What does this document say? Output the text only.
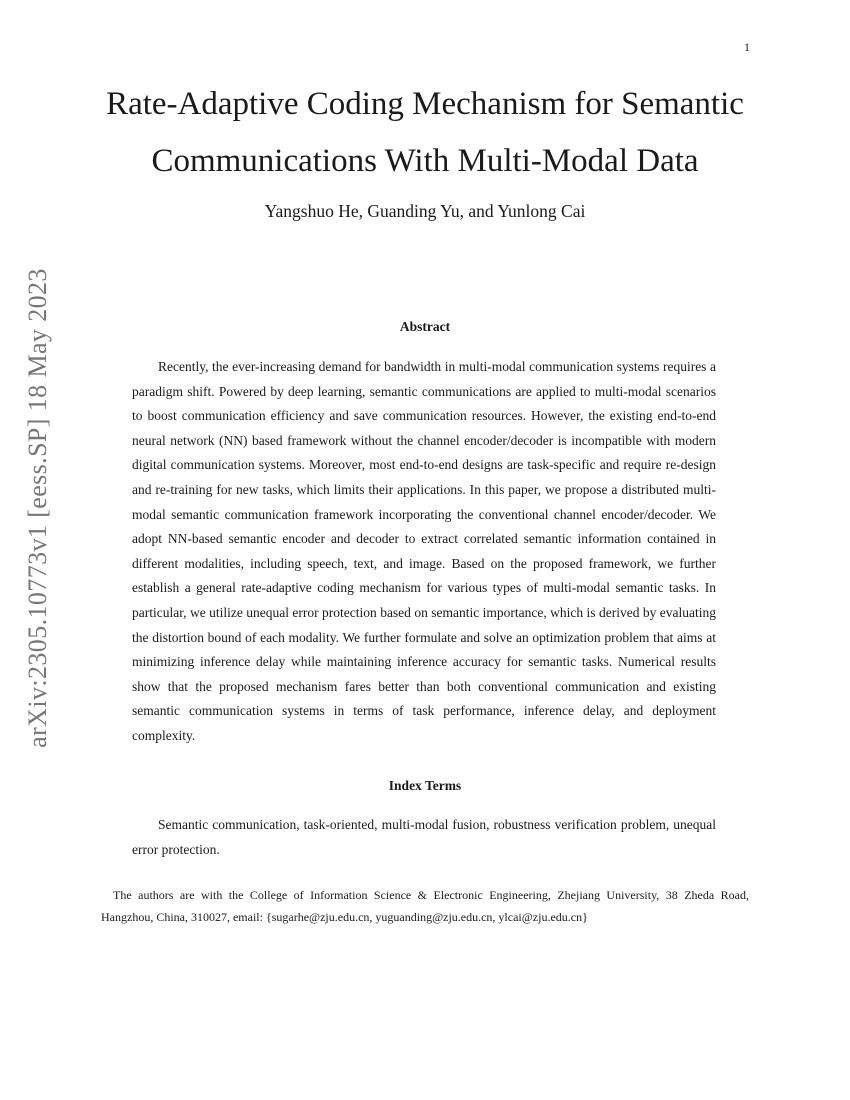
1
arXiv:2305.10773v1 [eess.SP] 18 May 2023
Rate-Adaptive Coding Mechanism for Semantic Communications With Multi-Modal Data
Yangshuo He, Guanding Yu, and Yunlong Cai
Abstract

Recently, the ever-increasing demand for bandwidth in multi-modal communication systems requires a paradigm shift. Powered by deep learning, semantic communications are applied to multi-modal scenarios to boost communication efficiency and save communication resources. However, the existing end-to-end neural network (NN) based framework without the channel encoder/decoder is incompatible with modern digital communication systems. Moreover, most end-to-end designs are task-specific and require re-design and re-training for new tasks, which limits their applications. In this paper, we propose a distributed multi-modal semantic communication framework incorporating the conventional channel encoder/decoder. We adopt NN-based semantic encoder and decoder to extract correlated semantic information contained in different modalities, including speech, text, and image. Based on the proposed framework, we further establish a general rate-adaptive coding mechanism for various types of multi-modal semantic tasks. In particular, we utilize unequal error protection based on semantic importance, which is derived by evaluating the distortion bound of each modality. We further formulate and solve an optimization problem that aims at minimizing inference delay while maintaining inference accuracy for semantic tasks. Numerical results show that the proposed mechanism fares better than both conventional communication and existing semantic communication systems in terms of task performance, inference delay, and deployment complexity.

Index Terms

Semantic communication, task-oriented, multi-modal fusion, robustness verification problem, unequal error protection.

The authors are with the College of Information Science & Electronic Engineering, Zhejiang University, 38 Zheda Road, Hangzhou, China, 310027, email: {sugarhe@zju.edu.cn, yuguanding@zju.edu.cn, ylcai@zju.edu.cn}
